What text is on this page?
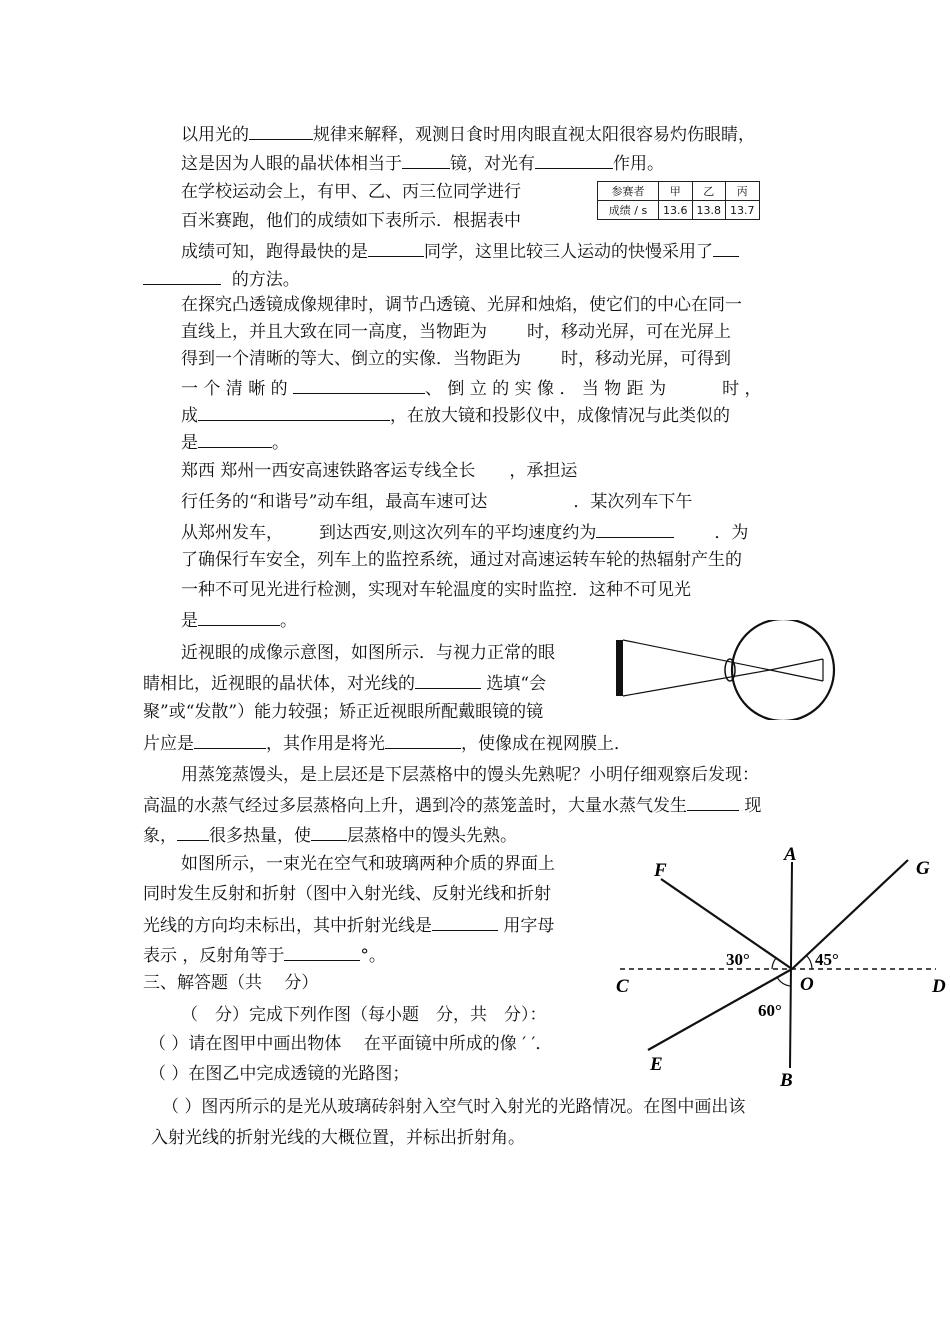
以用光的	规律来解释，观测日食时用肉眼直视太阳很容易灼伤眼睛，
这是因为人眼的晶状体相当于	镜，对光有	作用。
在学校运动会上，有甲、乙、丙三位同学进行
百米赛跑，他们的成绩如下表所示．根据表中
参赛者	甲	乙	丙
成绩 / s	13.6	13.8	13.7
成绩可知，跑得最快的是	同学，这里比较三人运动的快慢采用了
的方法。
在探究凸透镜成像规律时，调节凸透镜、光屏和烛焰，使它们的中心在同一
直线上，并且大致在同一高度，当物距为 时，移动光屏，可在光屏上
得到一个清晰的等大、倒立的实像．当物距为 时，移动光屏，可得到
一 个 清 晰 的	、 倒 立 的 实 像 ． 当 物 距 为	时 ，
成	，在放大镜和投影仪中，成像情况与此类似的
是	。
郑西 郑州一西安高速铁路客运专线全长 ，承担运
行任务的“和谐号”动车组，最高车速可达	．某次列车下午
从郑州发车， 到达西安,则这次列车的平均速度约为	．为
了确保行车安全，列车上的监控系统，通过对高速运转车轮的热辐射产生的
一种不可见光进行检测，实现对车轮温度的实时监控．这种不可见光
是	。
近视眼的成像示意图，如图所示．与视力正常的眼
睛相比，近视眼的晶状体，对光线的	选填“会
聚”或“发散”）能力较强；矫正近视眼所配戴眼镜的镜
片应是	，其作用是将光	，使像成在视网膜上．
用蒸笼蒸馒头，是上层还是下层蒸格中的馒头先熟呢？小明仔细观察后发现：
高温的水蒸气经过多层蒸格向上升，遇到冷的蒸笼盖时，大量水蒸气发生	现
象， 很多热量，使 层蒸格中的馒头先熟。
如图所示，一束光在空气和玻璃两种介质的界面上
同时发生反射和折射（图中入射光线、反射光线和折射
光线的方向均未标出，其中折射光线是	用字母
表示 ，反射角等于	°。
A
B
C	D
E
F	G
O
30°	45°
60°
三、解答题（共　 分）
（　分）完成下列作图（每小题　分，共　分）：
（ ）请在图甲中画出物体　 在平面镜中所成的像 ′ ′．
（ ）在图乙中完成透镜的光路图；
（ ）图丙所示的是光从玻璃砖斜射入空气时入射光的光路情况。在图中画出该
入射光线的折射光线的大概位置，并标出折射角。
